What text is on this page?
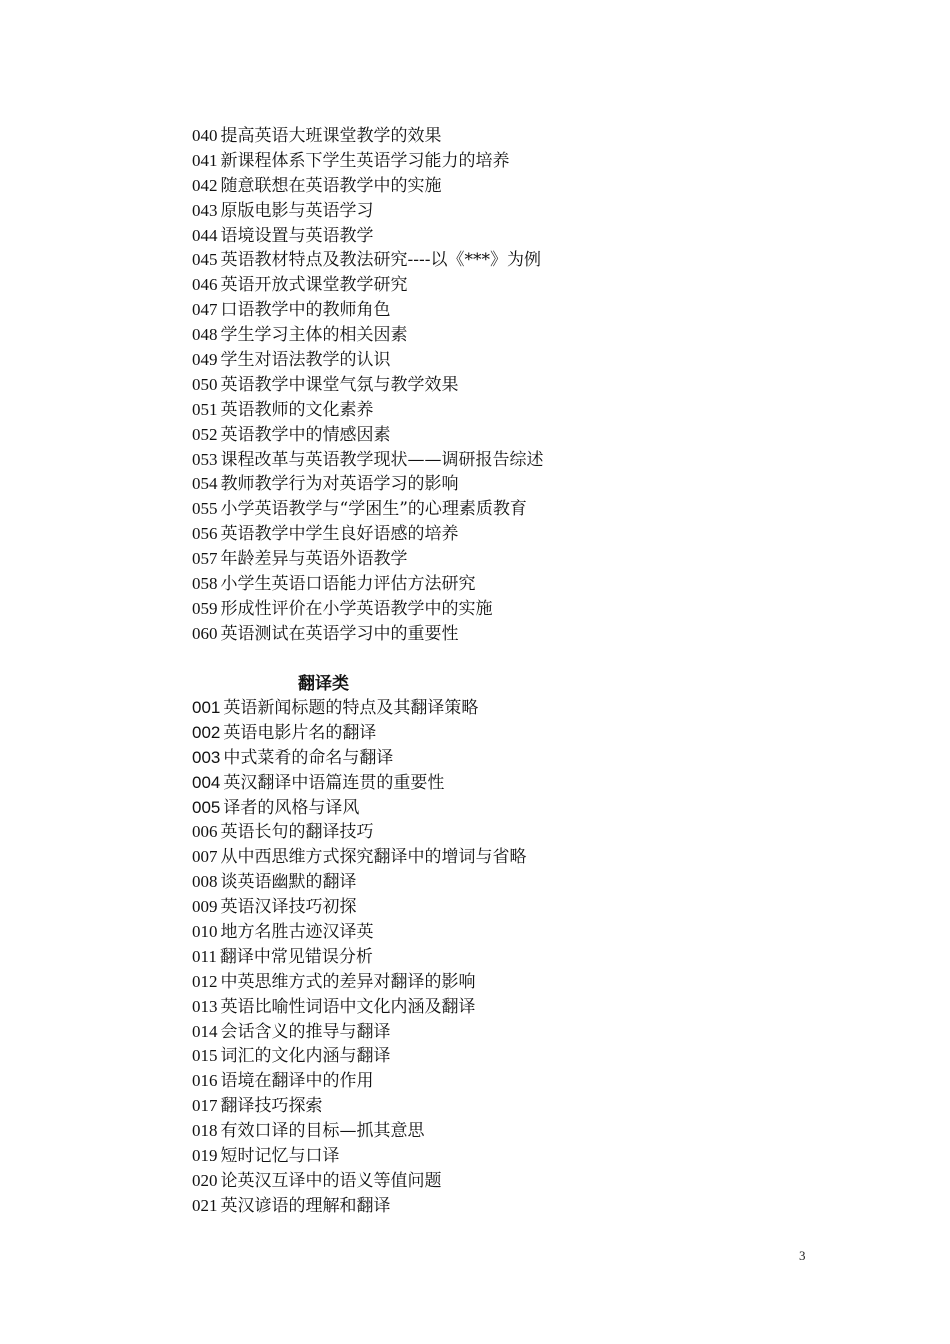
040 提高英语大班课堂教学的效果
041 新课程体系下学生英语学习能力的培养
042 随意联想在英语教学中的实施
043 原版电影与英语学习
044 语境设置与英语教学
045 英语教材特点及教法研究----以《***》为例
046 英语开放式课堂教学研究
047 口语教学中的教师角色
048 学生学习主体的相关因素
049 学生对语法教学的认识
050 英语教学中课堂气氛与教学效果
051 英语教师的文化素养
052 英语教学中的情感因素
053 课程改革与英语教学现状——调研报告综述
054 教师教学行为对英语学习的影响
055 小学英语教学与“学困生”的心理素质教育
056 英语教学中学生良好语感的培养
057 年龄差异与英语外语教学
058 小学生英语口语能力评估方法研究
059 形成性评价在小学英语教学中的实施
060 英语测试在英语学习中的重要性
翻译类
001 英语新闻标题的特点及其翻译策略
002 英语电影片名的翻译
003 中式菜肴的命名与翻译
004 英汉翻译中语篇连贯的重要性
005 译者的风格与译风
006 英语长句的翻译技巧
007 从中西思维方式探究翻译中的增词与省略
008 谈英语幽默的翻译
009 英语汉译技巧初探
010 地方名胜古迹汉译英
011 翻译中常见错误分析
012 中英思维方式的差异对翻译的影响
013 英语比喻性词语中文化内涵及翻译
014 会话含义的推导与翻译
015 词汇的文化内涵与翻译
016 语境在翻译中的作用
017 翻译技巧探索
018 有效口译的目标—抓其意思
019 短时记忆与口译
020 论英汉互译中的语义等值问题
021 英汉谚语的理解和翻译
3
